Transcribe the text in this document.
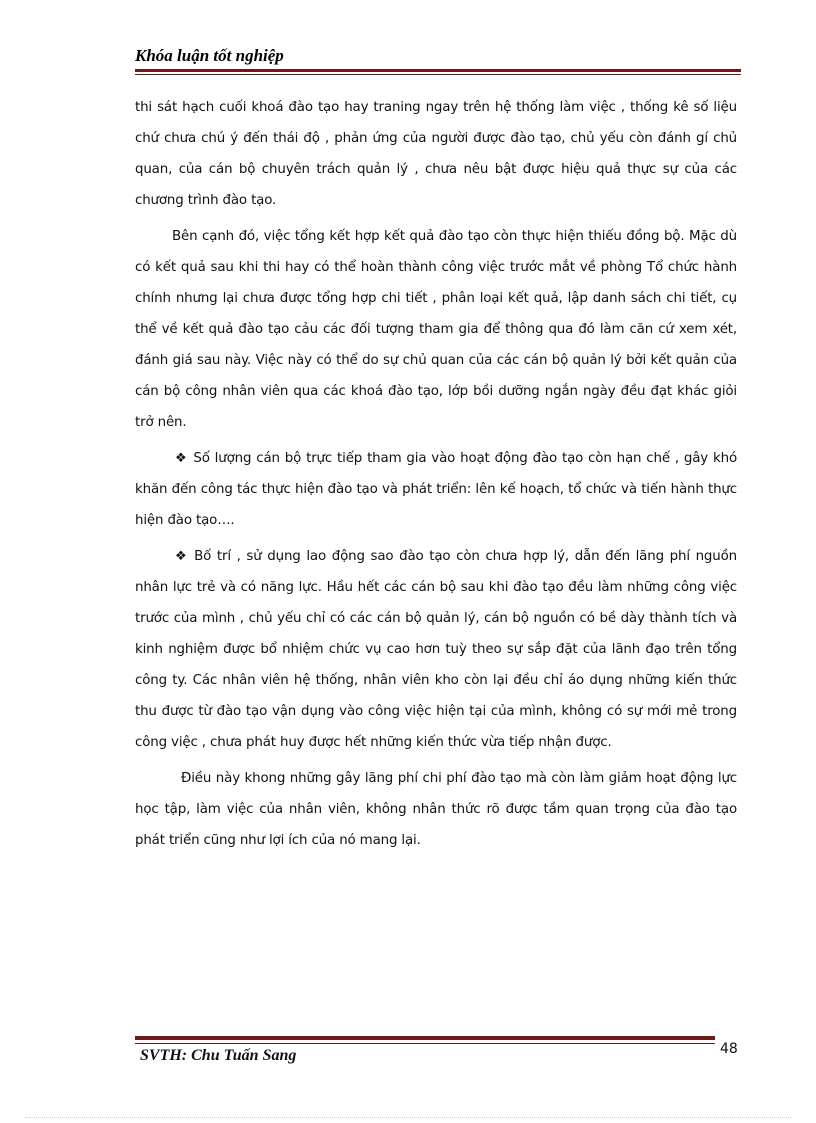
Khóa luận tốt nghiệp

thi sát hạch cuối khoá đào tạo hay traning ngay trên hệ thống làm việc , thống kê số liệu chứ chưa chú ý đến thái độ , phản ứng của người được đào tạo, chủ yếu còn đánh gí chủ quan, của cán bộ chuyên trách quản lý , chưa nêu bật được hiệu quả thực sự của các chương trình đào tạo.

Bên cạnh đó, việc tổng kết hợp kết quả đào tạo còn thực hiện thiếu đồng bộ. Mặc dù có kết quả sau khi thi hay có thể hoàn thành công việc trước mắt về phòng Tổ chức hành chính nhưng lại chưa được tổng hợp chi tiết , phân loại kết quả, lập danh sách chi tiết, cụ thể về kết quả đào tạo cảu các đối tượng tham gia để thông qua đó làm căn cứ xem xét, đánh giá sau này. Việc này có thể do sự chủ quan của các cán bộ quản lý bởi kết quản của cán bộ công nhân viên qua các khoá đào tạo, lớp bồi dưỡng ngắn ngày đều đạt khác giỏi trở nên.

❖ Số lượng cán bộ trực tiếp tham gia vào hoạt động đào tạo còn hạn chế , gây khó khăn đến công tác thực hiện đào tạo và phát triển: lên kế hoạch, tổ chức và tiến hành thực hiện đào tạo….

❖ Bố trí , sử dụng lao động sao đào tạo còn chưa hợp lý, dẫn đến lãng phí nguồn nhân lực trẻ và có năng lực. Hầu hết các cán bộ sau khi đào tạo đều làm những công việc trước của mình , chủ yếu chỉ có các cán bộ quản lý, cán bộ nguồn có bề dày thành tích và kinh nghiệm được bổ nhiệm chức vụ cao hơn tuỳ theo sự sắp đặt của lãnh đạo trên tổng công ty. Các nhân viên hệ thống, nhân viên kho còn lại đều chỉ áo dụng những kiến thức thu được từ đào tạo vận dụng vào công việc hiện tại của mình, không có sự mới mẻ trong công việc , chưa phát huy được hết những kiến thức vừa tiếp nhận được.

Điều này khong những gây lãng phí chi phí đào tạo mà còn làm giảm hoạt động lực học tập, làm việc của nhân viên, không nhân thức rõ được tầm quan trọng của đào tạo phát triển cũng như lợi ích của nó mang lại.

SVTH: Chu Tuấn Sang	48
